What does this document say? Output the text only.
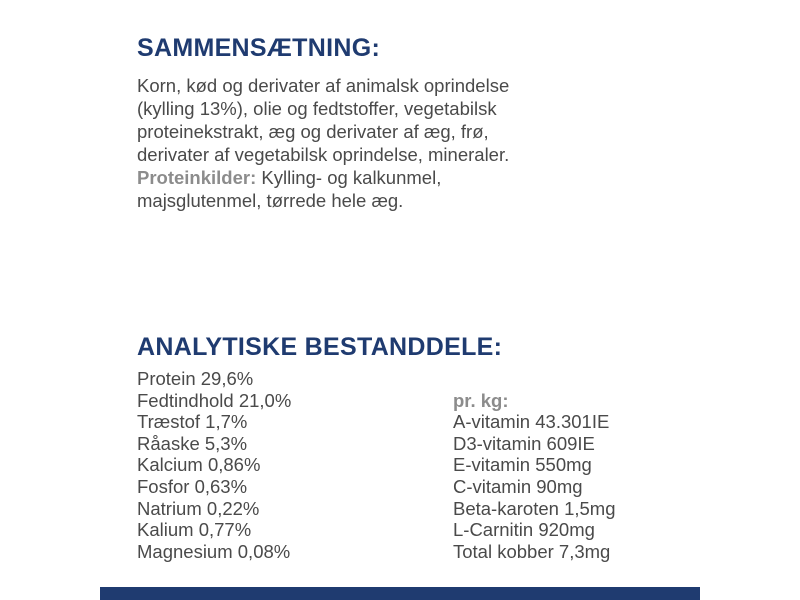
SAMMENSÆTNING:

Korn, kød og derivater af animalsk oprindelse
(kylling 13%), olie og fedtstoffer, vegetabilsk
proteinekstrakt, æg og derivater af æg, frø,
derivater af vegetabilsk oprindelse, mineraler.
Proteinkilder: Kylling- og kalkunmel,
majsglutenmel, tørrede hele æg.

ANALYTISKE BESTANDDELE:
Protein 29,6%
Fedtindhold 21,0%
Træstof 1,7%
Råaske 5,3%
Kalcium 0,86%
Fosfor 0,63%
Natrium 0,22%
Kalium 0,77%
Magnesium 0,08%

pr. kg:
A-vitamin 43.301IE
D3-vitamin 609IE
E-vitamin 550mg
C-vitamin 90mg
Beta-karoten 1,5mg
L-Carnitin 920mg
Total kobber 7,3mg
